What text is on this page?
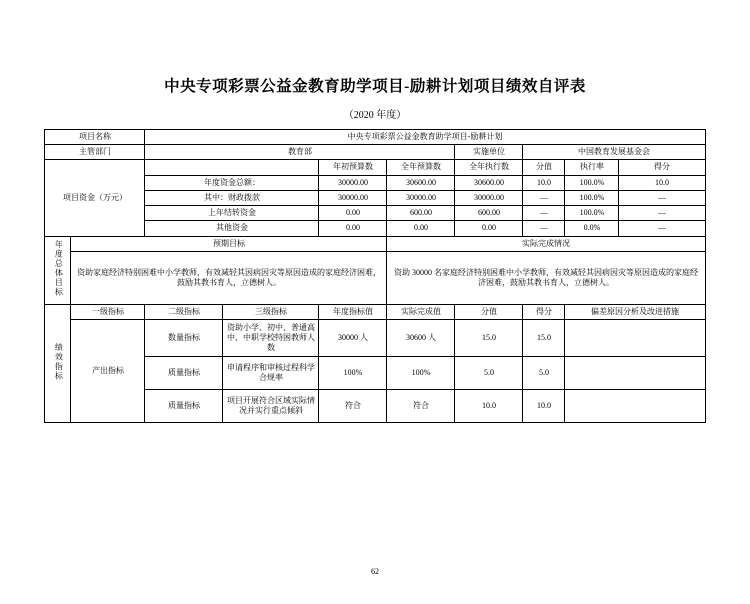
中央专项彩票公益金教育助学项目-励耕计划项目绩效自评表
（2020 年度）
项目名称		中央专项彩票公益金教育助学项目-励耕计划							
主管部门		教育部				实施单位	中国教育发展基金会		
项目资金（万元）				年初预算数	全年预算数	全年执行数	分值	执行率	得分
		年度资金总额：		30000.00	30600.00	30600.00	10.0	100.0%	10.0
		其中：财政拨款		30000.00	30000.00	30000.00	—	100.0%	—
		上年结转资金		0.00	600.00	600.00	—	100.0%	—
		其他资金		0.00	0.00	0.00	—	0.0%	—
年度总体目标	预期目标				实际完成情况				
	资助家庭经济特别困难中小学教师，有效减轻其因病因灾等原因造成的家庭经济困难，鼓励其教书育人，立德树人。				资助 30000 名家庭经济特别困难中小学教师，有效减轻其因病因灾等原因造成的家庭经济困难，鼓励其教书育人，立德树人。				
绩效指标	一级指标	二级指标	三级指标	年度指标值	实际完成值	分值	得分	偏差原因分析及改进措施	
	产出指标	数量指标	资助小学、初中、普通高中、中职学校特困教师人数	30000 人	30600 人	15.0	15.0		
		质量指标	申请程序和审核过程科学合规率	100%	100%	5.0	5.0		
		质量指标	项目开展符合区域实际情况并实行重点倾斜	符合	符合	10.0	10.0		
62
